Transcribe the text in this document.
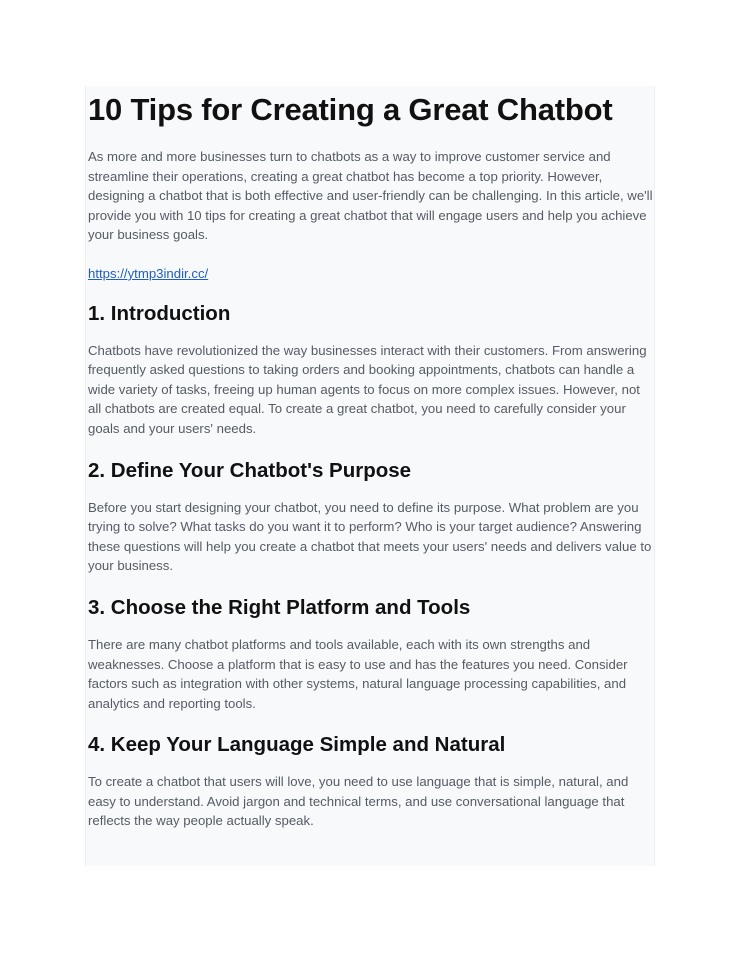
10 Tips for Creating a Great Chatbot

As more and more businesses turn to chatbots as a way to improve customer service and streamline their operations, creating a great chatbot has become a top priority. However, designing a chatbot that is both effective and user-friendly can be challenging. In this article, we'll provide you with 10 tips for creating a great chatbot that will engage users and help you achieve your business goals.

https://ytmp3indir.cc/
1. Introduction

Chatbots have revolutionized the way businesses interact with their customers. From answering frequently asked questions to taking orders and booking appointments, chatbots can handle a wide variety of tasks, freeing up human agents to focus on more complex issues. However, not all chatbots are created equal. To create a great chatbot, you need to carefully consider your goals and your users' needs.

2. Define Your Chatbot's Purpose

Before you start designing your chatbot, you need to define its purpose. What problem are you trying to solve? What tasks do you want it to perform? Who is your target audience? Answering these questions will help you create a chatbot that meets your users' needs and delivers value to your business.

3. Choose the Right Platform and Tools

There are many chatbot platforms and tools available, each with its own strengths and weaknesses. Choose a platform that is easy to use and has the features you need. Consider factors such as integration with other systems, natural language processing capabilities, and analytics and reporting tools.

4. Keep Your Language Simple and Natural

To create a chatbot that users will love, you need to use language that is simple, natural, and easy to understand. Avoid jargon and technical terms, and use conversational language that reflects the way people actually speak.
